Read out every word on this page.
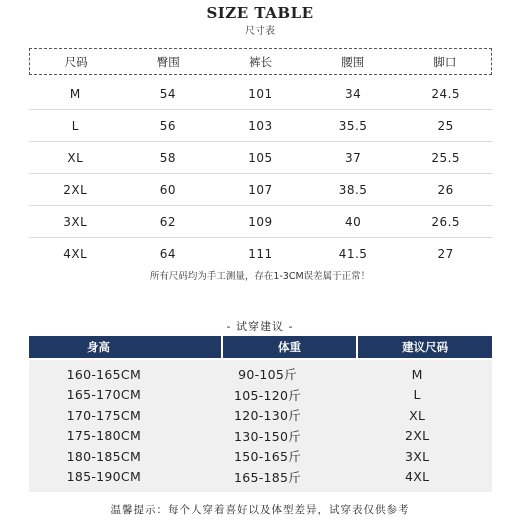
SIZE TABLE
尺寸表
尺码	臀围	裤长	腰围	脚口
M	54	101	34	24.5
L	56	103	35.5	25
XL	58	105	37	25.5
2XL	60	107	38.5	26
3XL	62	109	40	26.5
4XL	64	111	41.5	27
所有尺码均为手工测量，存在1-3CM误差属于正常！
- 试穿建议 -
身高	体重	建议尺码
160-165CM	90-105斤	M
165-170CM	105-120斤	L
170-175CM	120-130斤	XL
175-180CM	130-150斤	2XL
180-185CM	150-165斤	3XL
185-190CM	165-185斤	4XL
温馨提示：每个人穿着喜好以及体型差异，试穿表仅供参考
